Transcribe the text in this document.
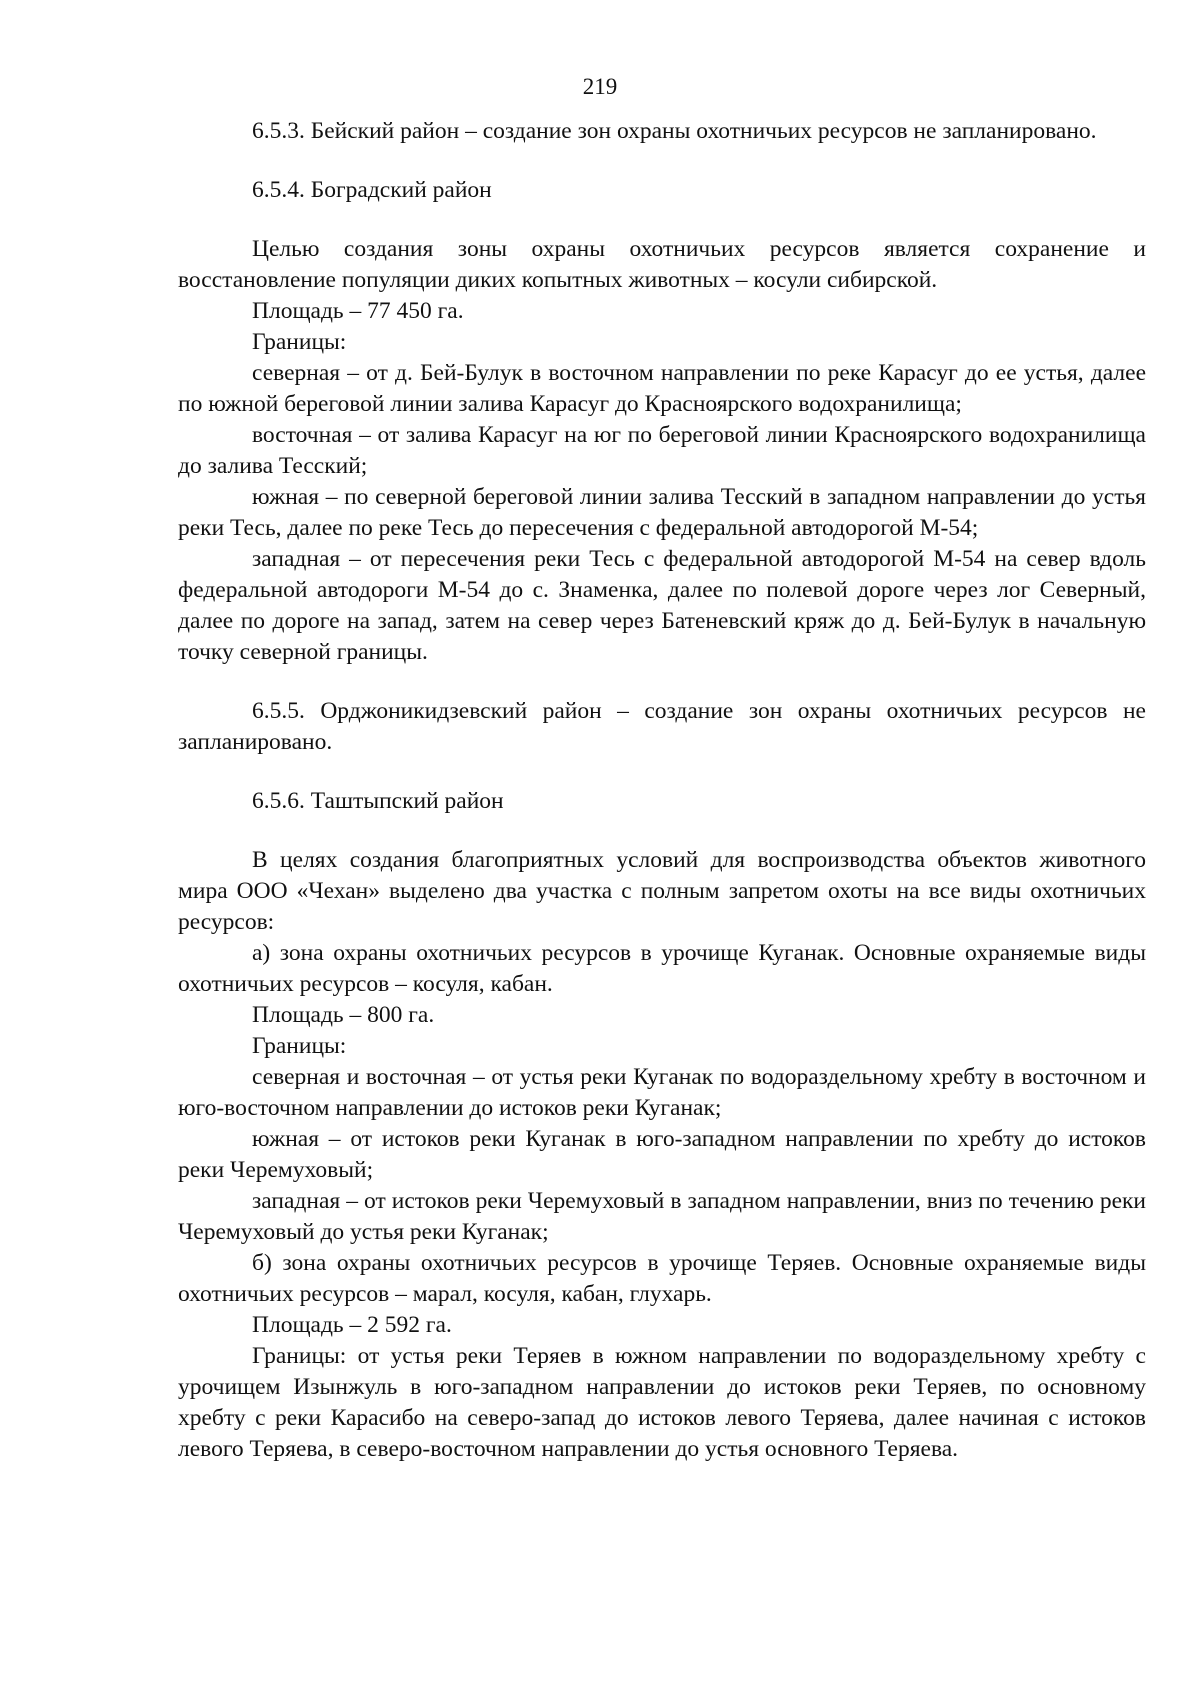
219

6.5.3. Бейский район – создание зон охраны охотничьих ресурсов не запланировано.

6.5.4. Боградский район

Целью создания зоны охраны охотничьих ресурсов является сохранение и восстановление популяции диких копытных животных – косули сибирской.

Площадь – 77 450 га.

Границы:

северная – от д. Бей-Булук в восточном направлении по реке Карасуг до ее устья, далее по южной береговой линии залива Карасуг до Красноярского водохранилища;

восточная – от залива Карасуг на юг по береговой линии Красноярского водохранилища до залива Тесский;

южная – по северной береговой линии залива Тесский в западном направлении до устья реки Тесь, далее по реке Тесь до пересечения с федеральной автодорогой М-54;

западная – от пересечения реки Тесь с федеральной автодорогой М-54 на север вдоль федеральной автодороги М-54 до с. Знаменка, далее по полевой дороге через лог Северный, далее по дороге на запад, затем на север через Батеневский кряж до д. Бей-Булук в начальную точку северной границы.

6.5.5. Орджоникидзевский район – создание зон охраны охотничьих ресурсов не запланировано.

6.5.6. Таштыпский район

В целях создания благоприятных условий для воспроизводства объектов животного мира ООО «Чехан» выделено два участка с полным запретом охоты на все виды охотничьих ресурсов:

а) зона охраны охотничьих ресурсов в урочище Куганак. Основные охраняемые виды охотничьих ресурсов – косуля, кабан.

Площадь – 800 га.

Границы:

северная и восточная – от устья реки Куганак по водораздельному хребту в восточном и юго-восточном направлении до истоков реки Куганак;

южная – от истоков реки Куганак в юго-западном направлении по хребту до истоков реки Черемуховый;

западная – от истоков реки Черемуховый в западном направлении, вниз по течению реки Черемуховый до устья реки Куганак;

б) зона охраны охотничьих ресурсов в урочище Теряев. Основные охраняемые виды охотничьих ресурсов – марал, косуля, кабан, глухарь.

Площадь – 2 592 га.

Границы: от устья реки Теряев в южном направлении по водораздельному хребту с урочищем Изынжуль в юго-западном направлении до истоков реки Теряев, по основному хребту с реки Карасибо на северо-запад до истоков левого Теряева, далее начиная с истоков левого Теряева, в северо-восточном направлении до устья основного Теряева.
